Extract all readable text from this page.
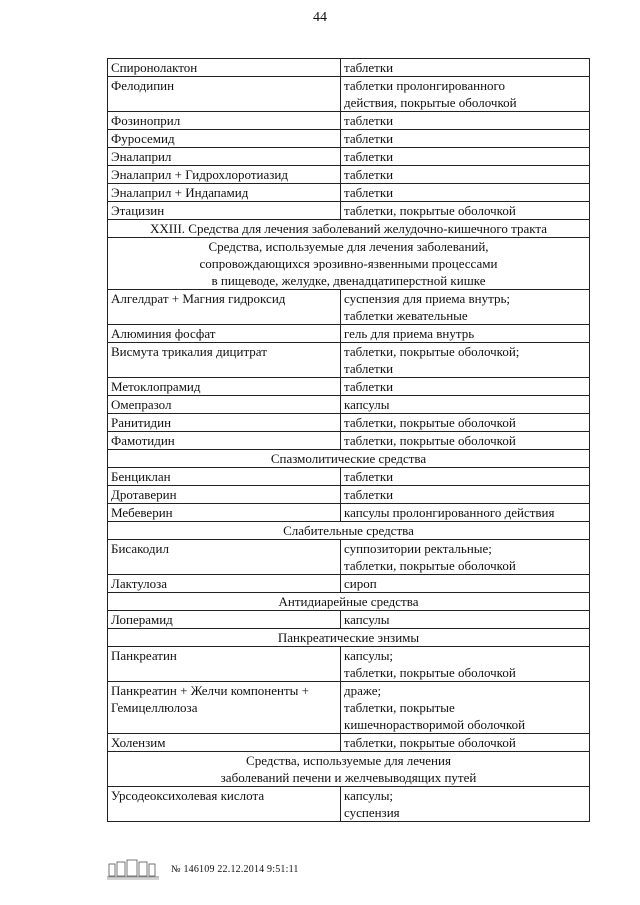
44
Спиронолактон	таблетки

Фелодипин	таблетки пролонгированного
действия, покрытые оболочкой

Фозиноприл	таблетки

Фуросемид	таблетки

Эналаприл	таблетки

Эналаприл + Гидрохлоротиазид	таблетки

Эналаприл + Индапамид	таблетки

Этацизин	таблетки, покрытые оболочкой

XXIII. Средства для лечения заболеваний желудочно-кишечного тракта	

Средства, используемые для лечения заболеваний,
сопровождающихся эрозивно-язвенными процессами
в пищеводе, желудке, двенадцатиперстной кишке	

Алгелдрат + Магния гидроксид	суспензия для приема внутрь;
таблетки жевательные

Алюминия фосфат	гель для приема внутрь

Висмута трикалия дицитрат	таблетки, покрытые оболочкой;
таблетки

Метоклопрамид	таблетки

Омепразол	капсулы

Ранитидин	таблетки, покрытые оболочкой

Фамотидин	таблетки, покрытые оболочкой

Спазмолитические средства	

Бенциклан	таблетки

Дротаверин	таблетки

Мебеверин	капсулы пролонгированного действия

Слабительные средства	

Бисакодил	суппозитории ректальные;
таблетки, покрытые оболочкой

Лактулоза	сироп

Антидиарейные средства	

Лоперамид	капсулы

Панкреатические энзимы	

Панкреатин	капсулы;
таблетки, покрытые оболочкой

Панкреатин + Желчи компоненты +
Гемицеллюлоза	драже;
таблетки, покрытые
кишечнорастворимой оболочкой

Холензим	таблетки, покрытые оболочкой

Средства, используемые для лечения
заболеваний печени и желчевыводящих путей	

Урсодеоксихолевая кислота	капсулы;
суспензия
№ 146109 22.12.2014 9:51:11
